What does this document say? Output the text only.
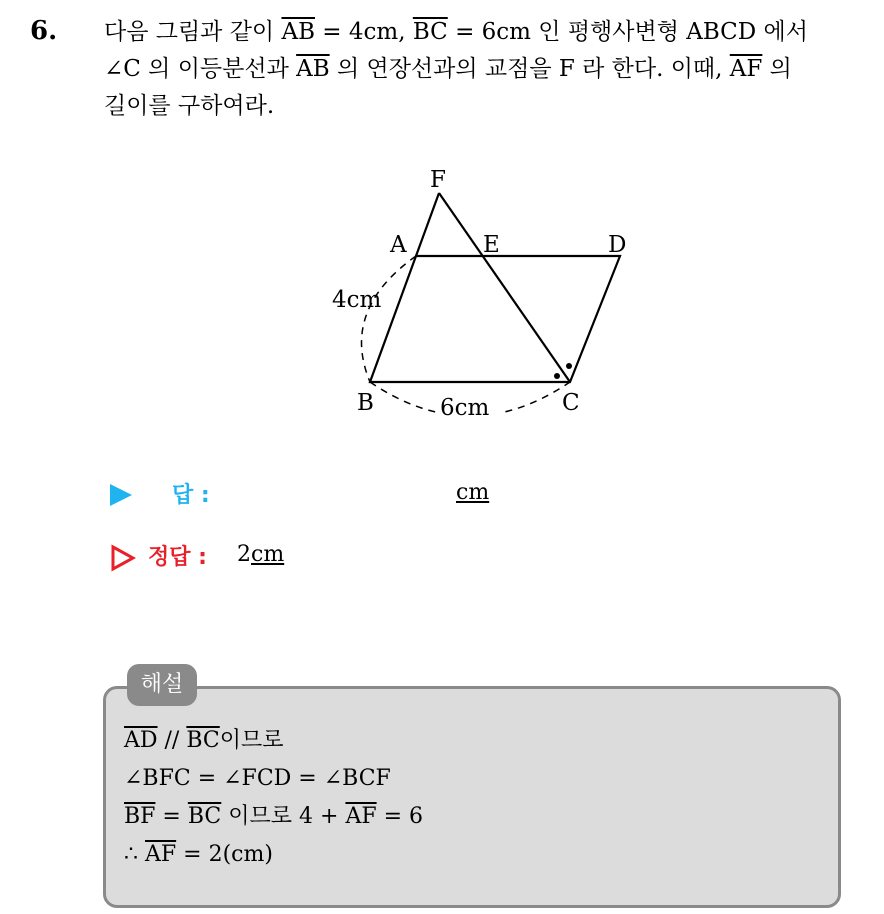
6. 다음 그림과 같이 $\overline{AB} = 4cm$, $\overline{BC} = 6cm$ 인 평행사변형 ABCD 에서
∠C 의 이등분선과 $\overline{AB}$ 의 연장선과의 교점을 F 라 한다. 이때, $\overline{AF}$ 의
길이를 구하여라.
F
A	E	D
B	C
4cm
6cm
답 :	cm
정답 : 2cm
해설
$\overline{AD} // \overline{BC}$이므로
∠BFC = ∠FCD = ∠BCF
$\overline{BF} = \overline{BC}$ 이므로 $4 + \overline{AF} = 6$
∴ $\overline{AF} = 2(cm)$
